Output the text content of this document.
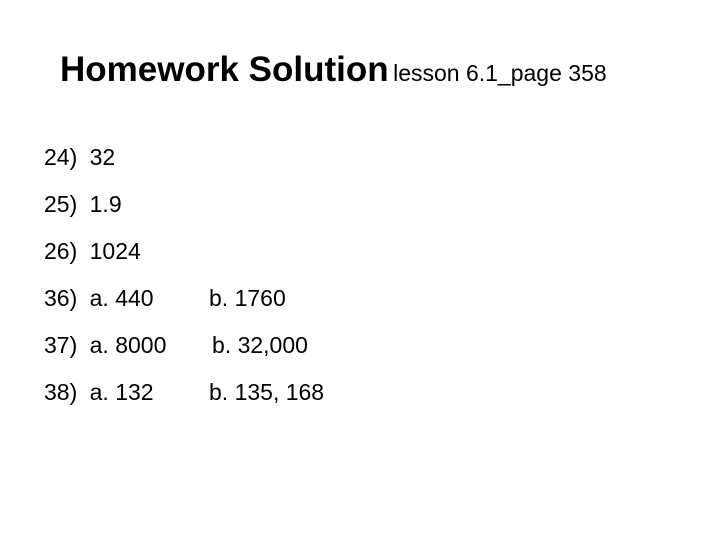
Homework Solution lesson 6.1_page 358
24) 32
25) 1.9
26) 1024
36) a. 440 b. 1760
37) a. 8000 b. 32,000
38) a. 132 b. 135, 168
